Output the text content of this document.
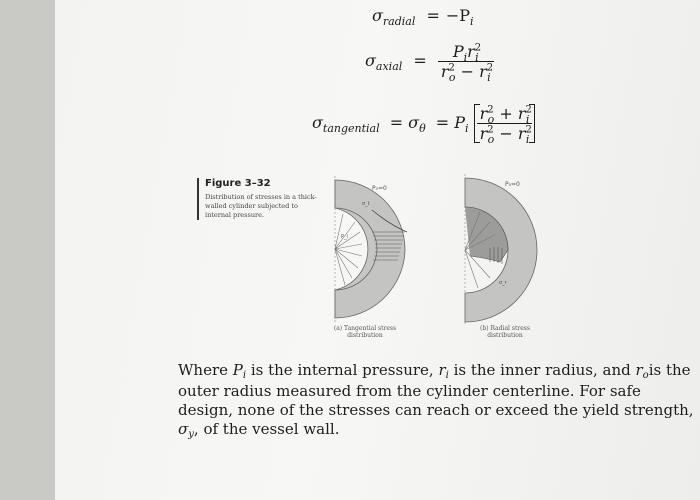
$\sigma_{radial} = -P_i$
$\sigma_{axial} = \frac{P_ir^2_i}{r^2_o - r^2_i}$
$\sigma_{tangential} = \sigma_\theta = P_i \frac{r^2_o + r^2_i}{r^2_o - r^2_i}$
Figure 3–32
Distribution of stresses in a thick-walled cylinder subjected to internal pressure.
P₀=0
σ_t
P_i
P₀=0
σ_r
(a) Tangential stress distribution
(b) Radial stress distribution
Where $P_i$ is the internal pressure, $r_i$ is the inner radius, and $r_ois$ the outer radius measured from the cylinder centerline. For safe design, none of the stresses can reach or exceed the yield strength, $\sigma_y$, of the vessel wall.
